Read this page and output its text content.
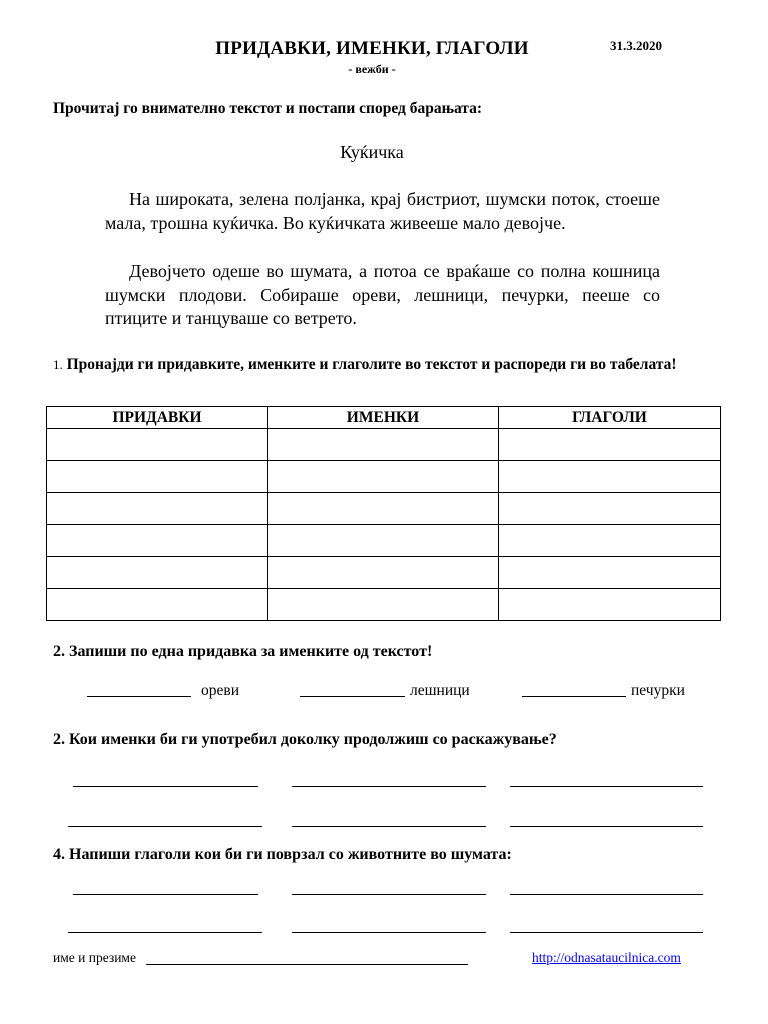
ПРИДАВКИ, ИМЕНКИ, ГЛАГОЛИ
- вежби -
31.3.2020
Прочитај го внимателно текстот и постапи според барањата:
Куќичка
На широката, зелена полјанка, крај бистриот, шумски поток, стоеше мала, трошна куќичка. Во куќичката живееше мало девојче.
Девојчето одеше во шумата, а потоа се враќаше со полна кошница шумски плодови. Собираше ореви, лешници, печурки, пееше со птиците и танцуваше со ветрето.
1. Пронајди ги придавките, именките и глаголите во текстот и распореди ги во табелата!
ПРИДАВКИ	ИМЕНКИ	ГЛАГОЛИ

2. Запиши по една придавка за именките од текстот!
ореви	лешници	печурки
2. Кои именки би ги употребил доколку продолжиш со раскажување?
4. Напиши глаголи кои би ги поврзал со животните во шумата:
име и презиме	http://odnasataucilnica.com
